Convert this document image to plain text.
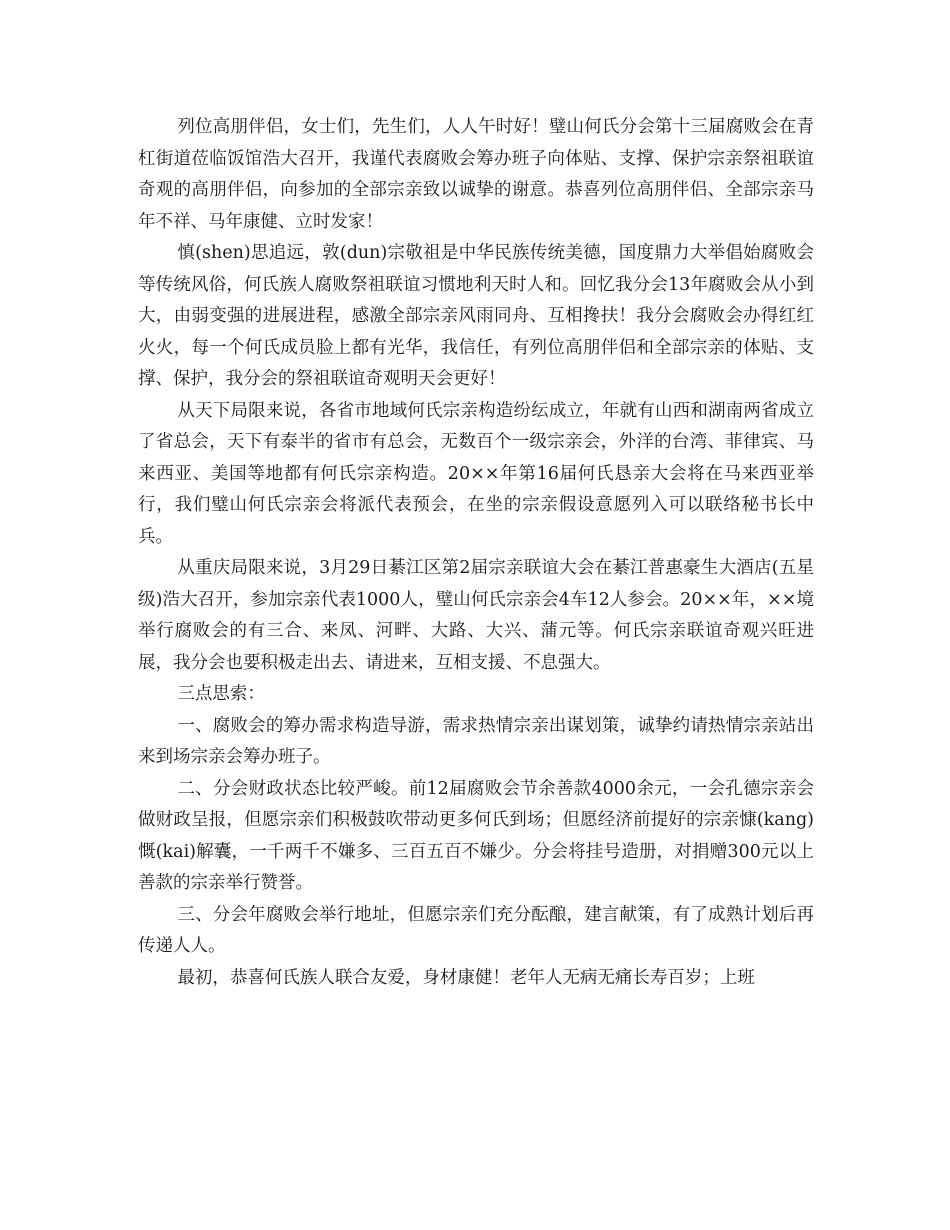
列位高朋伴侣，女士们，先生们，人人午时好！璧山何氏分会第十三届腐败会在青杠街道莅临饭馆浩大召开，我谨代表腐败会筹办班子向体贴、支撑、保护宗亲祭祖联谊奇观的高朋伴侣，向参加的全部宗亲致以诚挚的谢意。恭喜列位高朋伴侣、全部宗亲马年不祥、马年康健、立时发家！

慎(shen)思追远，敦(dun)宗敬祖是中华民族传统美德，国度鼎力大举倡始腐败会等传统风俗，何氏族人腐败祭祖联谊习惯地利天时人和。回忆我分会13年腐败会从小到大，由弱变强的进展进程，感激全部宗亲风雨同舟、互相搀扶！我分会腐败会办得红红火火，每一个何氏成员脸上都有光华，我信任，有列位高朋伴侣和全部宗亲的体贴、支撑、保护，我分会的祭祖联谊奇观明天会更好！

从天下局限来说，各省市地域何氏宗亲构造纷纭成立，年就有山西和湖南两省成立了省总会，天下有泰半的省市有总会，无数百个一级宗亲会，外洋的台湾、菲律宾、马来西亚、美国等地都有何氏宗亲构造。20××年第16届何氏恳亲大会将在马来西亚举行，我们璧山何氏宗亲会将派代表预会，在坐的宗亲假设意愿列入可以联络秘书长中兵。

从重庆局限来说，3月29日綦江区第2届宗亲联谊大会在綦江普惠豪生大酒店(五星级)浩大召开，参加宗亲代表1000人，璧山何氏宗亲会4车12人参会。20××年，××境举行腐败会的有三合、来凤、河畔、大路、大兴、蒲元等。何氏宗亲联谊奇观兴旺进展，我分会也要积极走出去、请进来，互相支援、不息强大。

三点思索：

一、腐败会的筹办需求构造导游，需求热情宗亲出谋划策，诚挚约请热情宗亲站出来到场宗亲会筹办班子。

二、分会财政状态比较严峻。前12届腐败会节余善款4000余元，一会孔德宗亲会做财政呈报，但愿宗亲们积极鼓吹带动更多何氏到场；但愿经济前提好的宗亲慷(kang)慨(kai)解囊，一千两千不嫌多、三百五百不嫌少。分会将挂号造册，对捐赠300元以上善款的宗亲举行赞誉。

三、分会年腐败会举行地址，但愿宗亲们充分酝酿，建言献策，有了成熟计划后再传递人人。

最初，恭喜何氏族人联合友爱，身材康健！老年人无病无痛长寿百岁；上班
